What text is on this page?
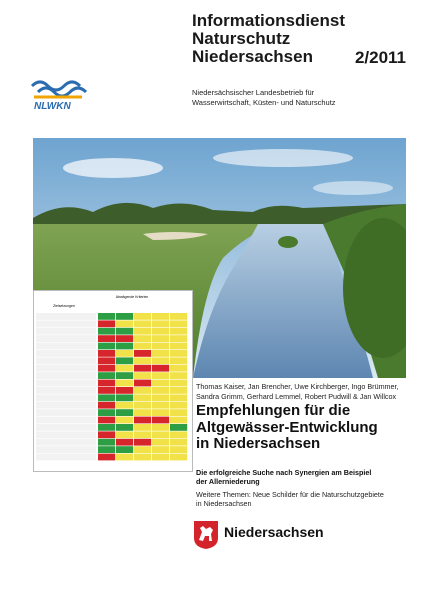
Informationsdienst
Naturschutz
Niedersachsen	2/2011
NLWKN
Niedersächsischer Landesbetrieb für
Wasserwirtschaft, Küsten- und Naturschutz
Abwägende Kriterien
Zielsetzungen
Thomas Kaiser, Jan Brencher, Uwe Kirchberger, Ingo Brümmer,
Sandra Grimm, Gerhard Lemmel, Robert Pudwill & Jan Willcox
Empfehlungen für die
Altgewässer-Entwicklung
in Niedersachsen
Die erfolgreiche Suche nach Synergien am Beispiel
der Allerniederung
Weitere Themen: Neue Schilder für die Naturschutzgebiete
in Niedersachsen
Niedersachsen
